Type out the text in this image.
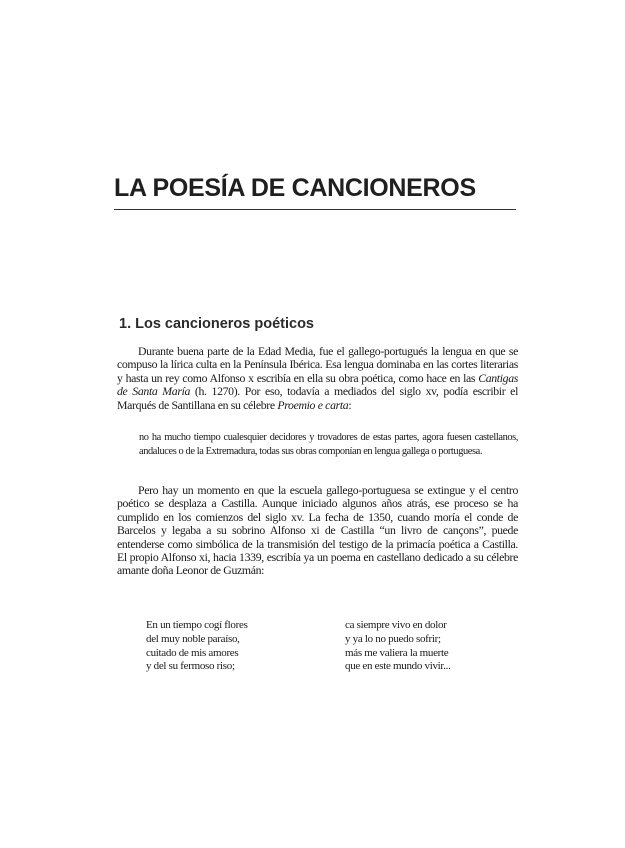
LA POESÍA DE CANCIONEROS
1. Los cancioneros poéticos

Durante buena parte de la Edad Media, fue el gallego-portugués la lengua en que se compuso la lírica culta en la Península Ibérica. Esa lengua dominaba en las cortes literarias y hasta un rey como Alfonso x escribía en ella su obra poética, como hace en las Cantigas de Santa María (h. 1270). Por eso, todavía a mediados del siglo xv, podía escribir el Marqués de Santillana en su célebre Proemio e carta:

no ha mucho tiempo cualesquier decidores y trovadores de estas partes, agora fuesen castellanos, andaluces o de la Extremadura, todas sus obras componían en lengua gallega o portuguesa.

Pero hay un momento en que la escuela gallego-portuguesa se extingue y el centro poético se desplaza a Castilla. Aunque iniciado algunos años atrás, ese proceso se ha cumplido en los comienzos del siglo xv. La fecha de 1350, cuando moría el conde de Barcelos y legaba a su sobrino Alfonso xi de Castilla “un livro de cançons”, puede entenderse como simbólica de la transmisión del testigo de la primacía poética a Castilla. El propio Alfonso xi, hacia 1339, escribía ya un poema en castellano dedicado a su célebre amante doña Leonor de Guzmán:

En un tiempo cogí flores
del muy noble paraíso,
cuitado de mis amores
y del su fermoso riso;
ca siempre vivo en dolor
y ya lo no puedo sofrir;
más me valiera la muerte
que en este mundo vivir...
